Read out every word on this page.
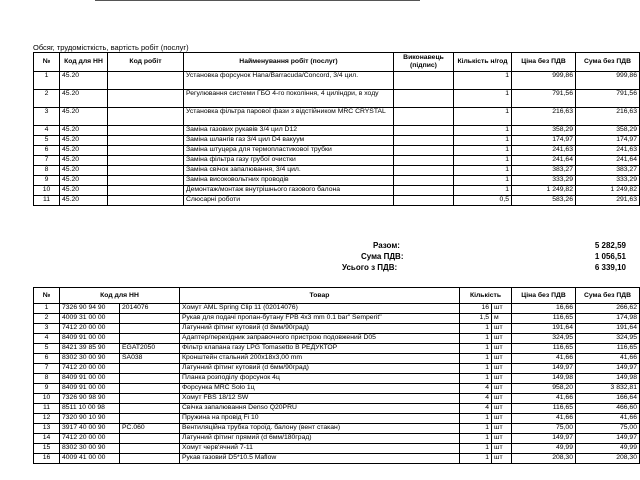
Обсяг, трудомісткість, вартість робіт (послуг)
№	Код для НН	Код робіт	Найменування робіт (послуг)	Виконавець (підпис)	Кількість н/год	Ціна без ПДВ	Сума без ПДВ
1	45.20		Установка форсунок Hana/Barracuda/Concord, 3/4 цил.		1	999,86	999,86
2	45.20		Регулювання системи ГБО 4-го покоління, 4 циліндри, в ходу		1	791,56	791,56
3	45.20		Установка фільтра парової фази з відстійником MRC CRYSTAL		1	216,63	216,63
4	45.20		Заміна газових рукавів 3/4 цил D12		1	358,29	358,29
5	45.20		Заміна шлангів газ 3/4 цил D4 вакуум		1	174,97	174,97
6	45.20		Заміна штуцера для термопластикової трубки		1	241,63	241,63
7	45.20		Заміна фільтра газу грубої очистки		1	241,64	241,64
8	45.20		Заміна свічок запалювання, 3/4 цил.		1	383,27	383,27
9	45.20		Заміна високовольтних проводів		1	333,29	333,29
10	45.20		Демонтаж/монтаж внутрішнього газового балона		1	1 249,82	1 249,82
11	45.20		Слюсарні роботи		0,5	583,26	291,63
Разом:	5 282,59
Сума ПДВ:	1 056,51
Усього з ПДВ:	6 339,10
№	Код для НН		Товар	Кількість		Ціна без ПДВ	Сума без ПДВ
1	7326 90 94 90	2014076	Хомут AML Spring Clip 11 (02014076)	16	шт	16,66	266,62
2	4009 31 00 00		Рукав для подачі пропан-бутану FPB 4x3 mm 0.1 bar" Semperit"	1,5	м	116,65	174,98
3	7412 20 00 00		Латунний фітинг кутовий (d 8мм/90град)	1	шт	191,64	191,64
4	8409 91 00 00		Адаптер/перехідник заправочного пристрою подовжений D05	1	шт	324,95	324,95
5	8421 39 85 90	EGAT2050	Фільтр клапана газу LPG Tomasetto В РЕДУКТОР	1	шт	116,65	116,65
6	8302 30 00 90	SA038	Кронштейн стальний 200x18x3,00 mm	1	шт	41,66	41,66
7	7412 20 00 00		Латунний фітинг кутовий (d 6мм/90град)	1	шт	149,97	149,97
8	8409 91 00 00		Планка розподілу форсунок 4ц	1	шт	149,98	149,98
9	8409 91 00 00		Форсунка MRC Solo 1ц	4	шт	958,20	3 832,81
10	7326 90 98 90		Хомут FBS 18/12 SW	4	шт	41,66	166,64
11	8511 10 00 98		Свічка запалювання Denso Q20PRU	4	шт	116,65	466,60
12	7320 90 10 90		Пружина на провід Fi 10	1	шт	41,66	41,66
13	3917 40 00 90	PC.060	Вентиляційна трубка тороїд. балону (вент стакан)	1	шт	75,00	75,00
14	7412 20 00 00		Латунний фітинг прямий (d 6мм/180град)	1	шт	149,97	149,97
15	8302 30 00 90		Хомут черв'ячний 7-11	1	шт	49,99	49,99
16	4009 41 00 00		Рукав газовий D5*10.5 Maflow	1	шт	208,30	208,30
